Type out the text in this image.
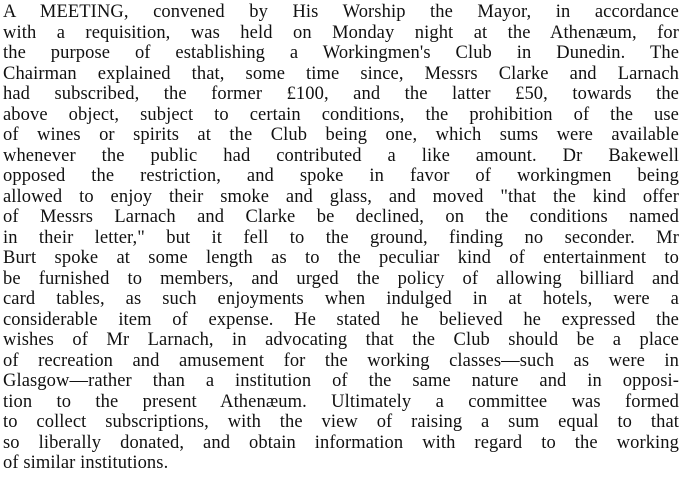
A MEETING, convened by His Worship the Mayor, in accordance
with a requisition, was held on Monday night at the Athenæum, for
the purpose of establishing a Workingmen's Club in Dunedin. The
Chairman explained that, some time since, Messrs Clarke and Larnach
had subscribed, the former £100, and the latter £50, towards the
above object, subject to certain conditions, the prohibition of the use
of wines or spirits at the Club being one, which sums were available
whenever the public had contributed a like amount. Dr Bakewell
opposed the restriction, and spoke in favor of workingmen being
allowed to enjoy their smoke and glass, and moved "that the kind offer
of Messrs Larnach and Clarke be declined, on the conditions named
in their letter," but it fell to the ground, finding no seconder. Mr
Burt spoke at some length as to the peculiar kind of entertainment to
be furnished to members, and urged the policy of allowing billiard and
card tables, as such enjoyments when indulged in at hotels, were a
considerable item of expense. He stated he believed he expressed the
wishes of Mr Larnach, in advocating that the Club should be a place
of recreation and amusement for the working classes—such as were in
Glasgow—rather than a institution of the same nature and in opposi-
tion to the present Athenæum. Ultimately a committee was formed
to collect subscriptions, with the view of raising a sum equal to that
so liberally donated, and obtain information with regard to the working
of similar institutions.
